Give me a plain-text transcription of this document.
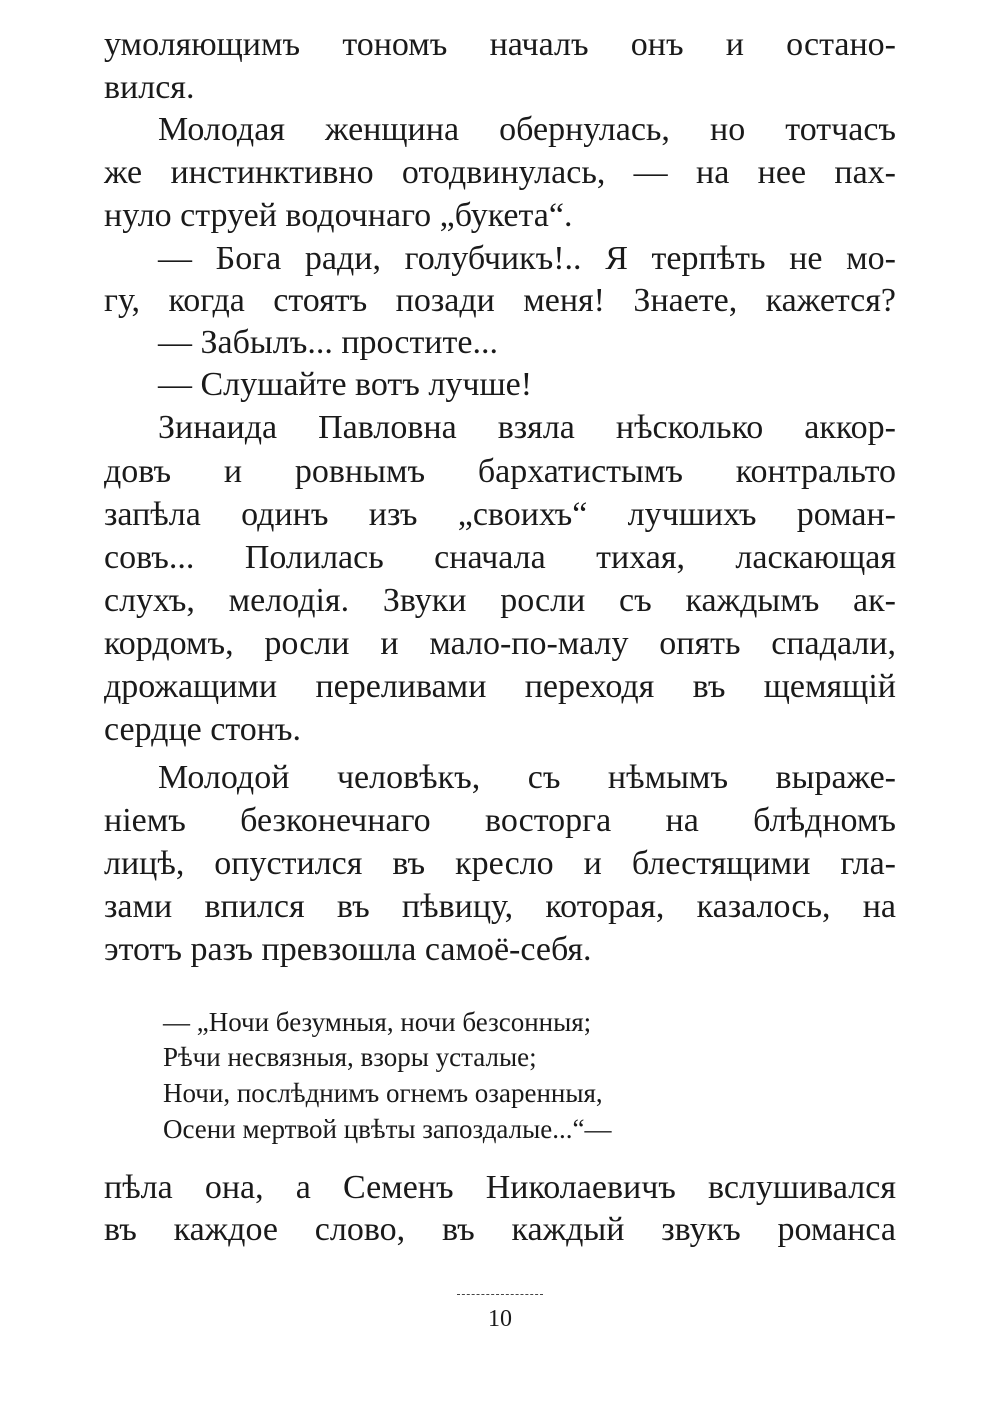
умоляющимъ тономъ началъ онъ и остано-
вился.
Молодая женщина обернулась, но тотчасъ
же инстинктивно отодвинулась, — на нее пах-
нуло струей водочнаго „букета“.
— Бога ради, голубчикъ!.. Я терпѣть не мо-
гу, когда стоятъ позади меня! Знаете, кажется?
— Забылъ... простите...
— Слушайте вотъ лучше!
Зинаида Павловна взяла нѣсколько аккор-
довъ и ровнымъ бархатистымъ контральто
запѣла одинъ изъ „своихъ“ лучшихъ роман-
совъ... Полилась сначала тихая, ласкающая
слухъ, мелодія. Звуки росли съ каждымъ ак-
кордомъ, росли и мало-по-малу опять спадали,
дрожащими переливами переходя въ щемящій
сердце стонъ.
Молодой человѣкъ, съ нѣмымъ выраже-
ніемъ безконечнаго восторга на блѣдномъ
лицѣ, опустился въ кресло и блестящими гла-
зами впился въ пѣвицу, которая, казалось, на
этотъ разъ превзошла самоё-себя.
— „Ночи безумныя, ночи безсонныя;
Рѣчи несвязныя, взоры усталые;
Ночи, послѣднимъ огнемъ озаренныя,
Осени мертвой цвѣты запоздалые...“—
пѣла она, а Семенъ Николаевичъ вслушивался
въ каждое слово, въ каждый звукъ романса
10
